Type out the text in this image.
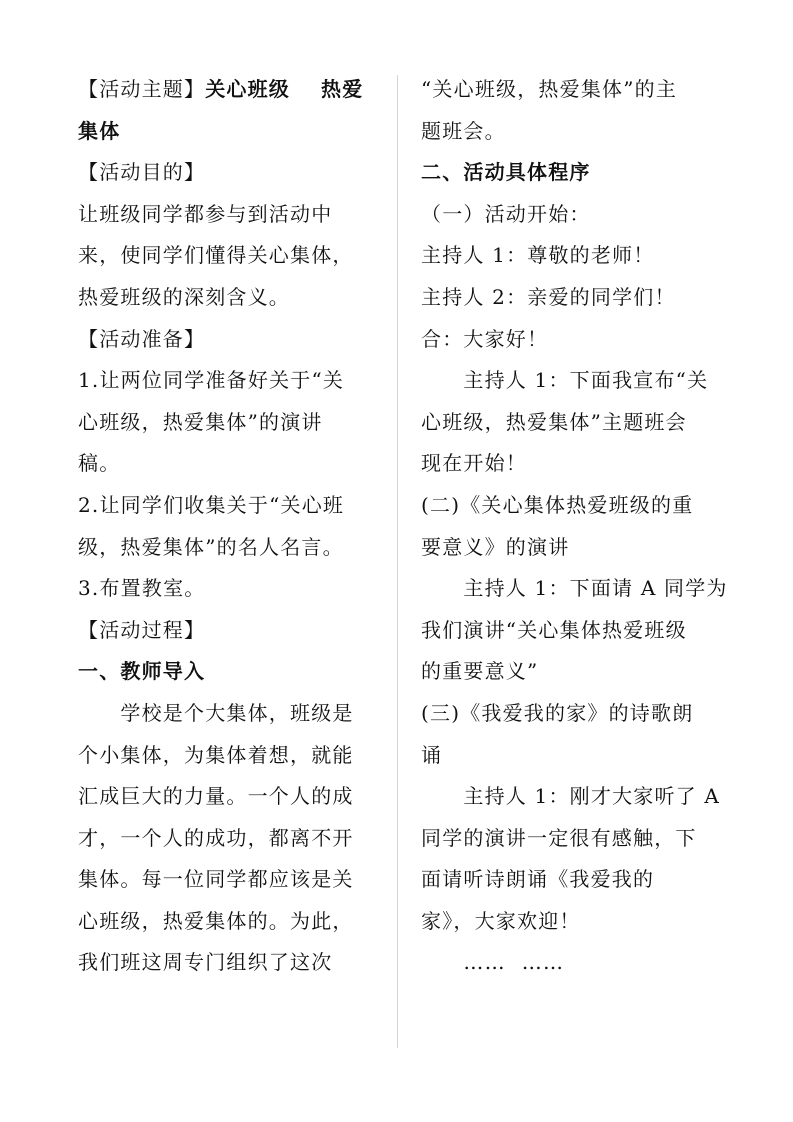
【活动主题】关心班级 热爱
集体
【活动目的】
让班级同学都参与到活动中
来，使同学们懂得关心集体，
热爱班级的深刻含义。
【活动准备】
1.让两位同学准备好关于“关
心班级，热爱集体”的演讲
稿。
2.让同学们收集关于“关心班
级，热爱集体”的名人名言。
3.布置教室。
【活动过程】
一、教师导入
学校是个大集体，班级是
个小集体，为集体着想，就能
汇成巨大的力量。一个人的成
才，一个人的成功，都离不开
集体。每一位同学都应该是关
心班级，热爱集体的。为此，
我们班这周专门组织了这次
“关心班级，热爱集体”的主
题班会。
二、活动具体程序
（一）活动开始：
主持人 1：尊敬的老师！
主持人 2：亲爱的同学们！
合：大家好！
主持人 1：下面我宣布“关
心班级，热爱集体”主题班会
现在开始！
(二)《关心集体热爱班级的重
要意义》的演讲
主持人 1：下面请 A 同学为
我们演讲“关心集体热爱班级
的重要意义”
(三)《我爱我的家》的诗歌朗
诵
主持人 1：刚才大家听了 A
同学的演讲一定很有感触，下
面请听诗朗诵《我爱我的
家》，大家欢迎！
…… ……
